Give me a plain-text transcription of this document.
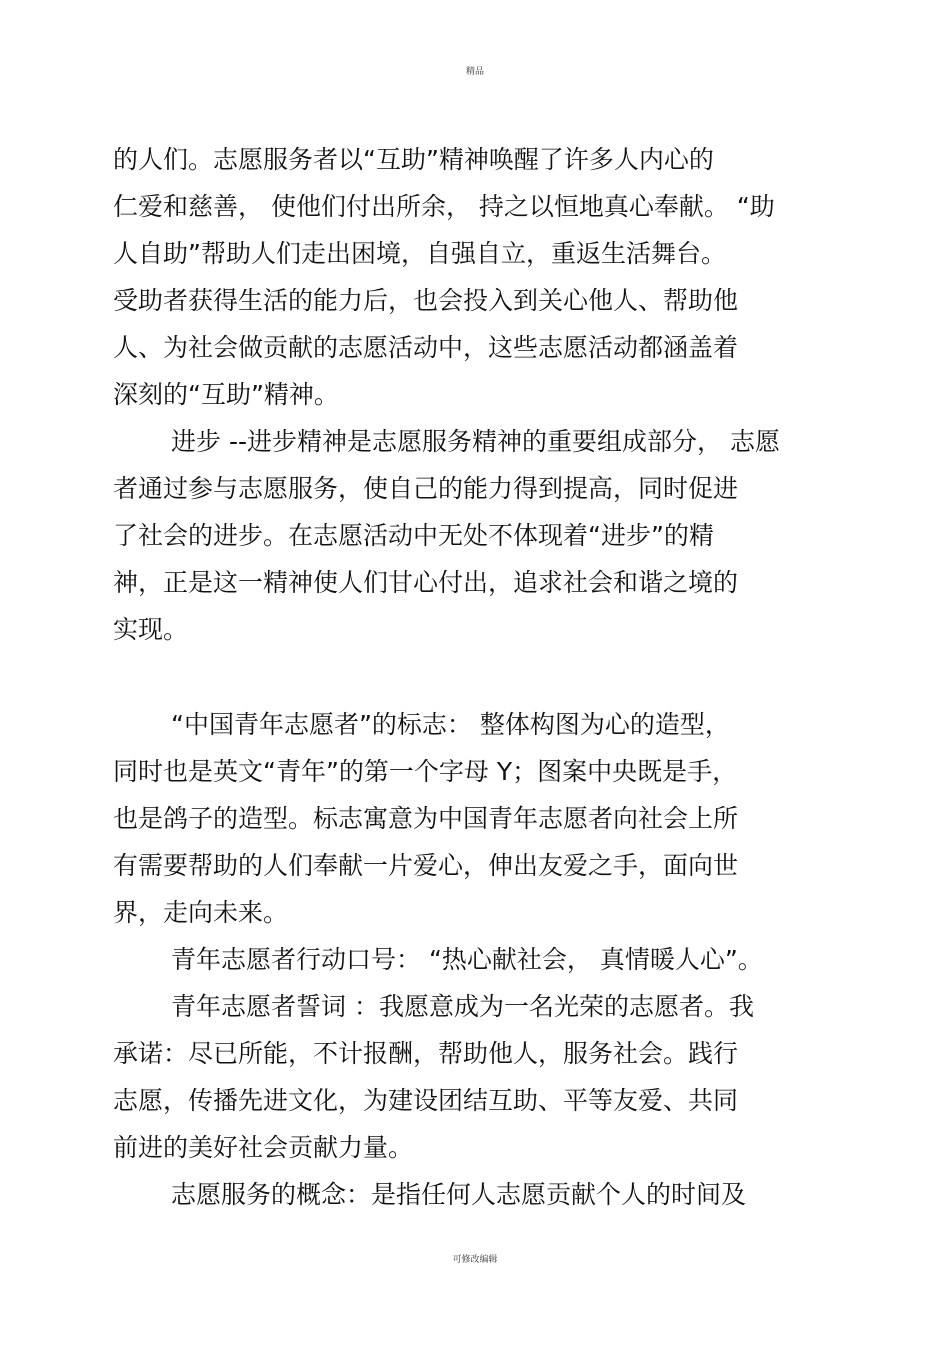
精品
的人们。志愿服务者以“互助”精神唤醒了许多人内心的
仁爱和慈善， 使他们付出所余， 持之以恒地真心奉献。 “助
人自助”帮助人们走出困境，自强自立，重返生活舞台。
受助者获得生活的能力后，也会投入到关心他人、帮助他
人、为社会做贡献的志愿活动中，这些志愿活动都涵盖着
深刻的“互助”精神。
进步 --进步精神是志愿服务精神的重要组成部分， 志愿
者通过参与志愿服务，使自己的能力得到提高，同时促进
了社会的进步。在志愿活动中无处不体现着“进步”的精
神，正是这一精神使人们甘心付出，追求社会和谐之境的
实现。
“中国青年志愿者”的标志： 整体构图为心的造型，
同时也是英文“青年”的第一个字母 Y；图案中央既是手，
也是鸽子的造型。标志寓意为中国青年志愿者向社会上所
有需要帮助的人们奉献一片爱心，伸出友爱之手，面向世
界，走向未来。
青年志愿者行动口号： “热心献社会， 真情暖人心”。
青年志愿者誓词 ：我愿意成为一名光荣的志愿者。我
承诺：尽已所能，不计报酬，帮助他人，服务社会。践行
志愿，传播先进文化，为建设团结互助、平等友爱、共同
前进的美好社会贡献力量。
志愿服务的概念：是指任何人志愿贡献个人的时间及
可修改编辑
